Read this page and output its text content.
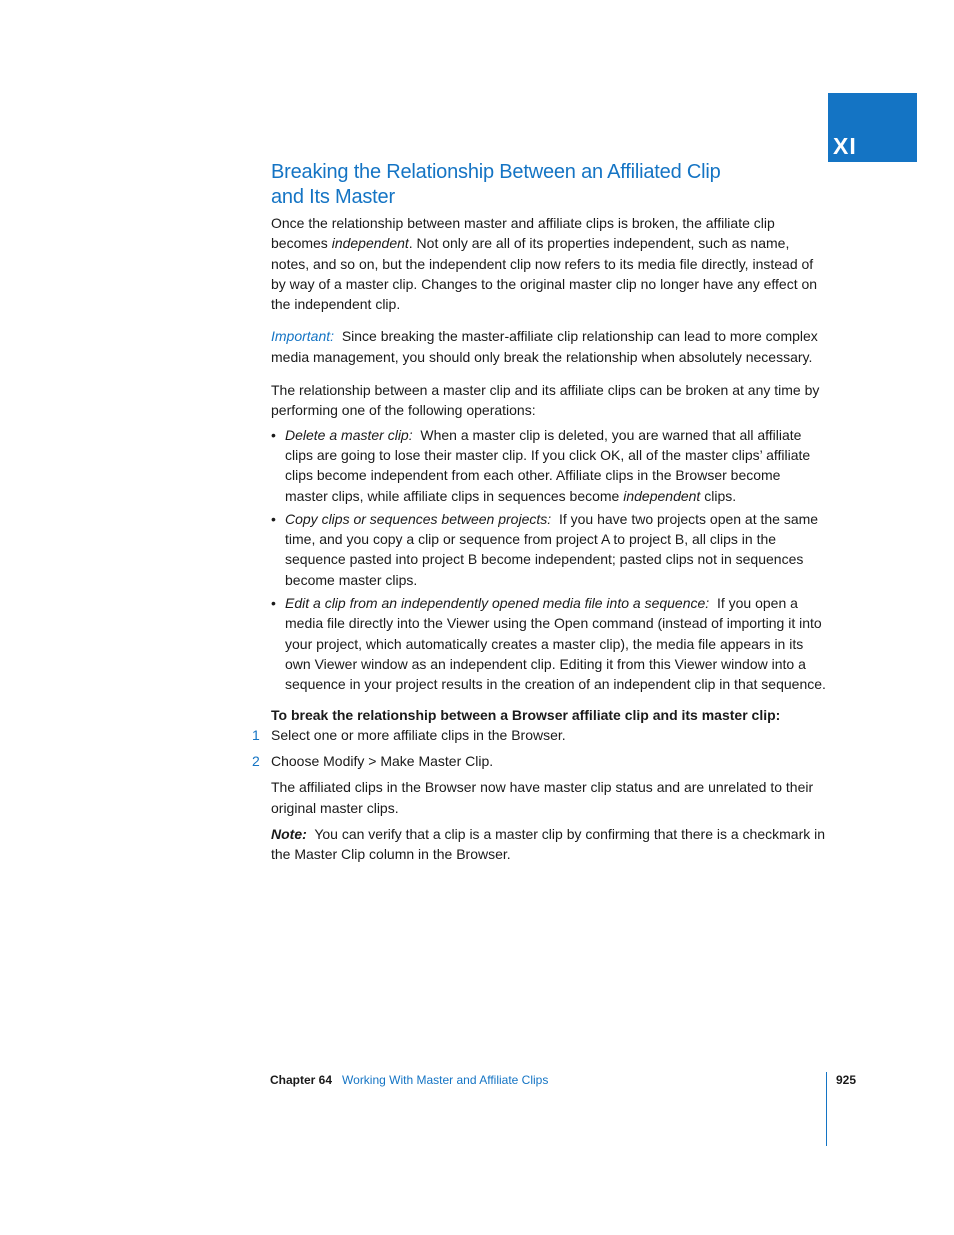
XI
Breaking the Relationship Between an Affiliated Clip
and Its Master

Once the relationship between master and affiliate clips is broken, the affiliate clip becomes independent. Not only are all of its properties independent, such as name, notes, and so on, but the independent clip now refers to its media file directly, instead of by way of a master clip. Changes to the original master clip no longer have any effect on the independent clip.

Important: Since breaking the master-affiliate clip relationship can lead to more complex media management, you should only break the relationship when absolutely necessary.

The relationship between a master clip and its affiliate clips can be broken at any time by performing one of the following operations:

• Delete a master clip: When a master clip is deleted, you are warned that all affiliate clips are going to lose their master clip. If you click OK, all of the master clips’ affiliate clips become independent from each other. Affiliate clips in the Browser become master clips, while affiliate clips in sequences become independent clips.
• Copy clips or sequences between projects: If you have two projects open at the same time, and you copy a clip or sequence from project A to project B, all clips in the sequence pasted into project B become independent; pasted clips not in sequences become master clips.
• Edit a clip from an independently opened media file into a sequence: If you open a media file directly into the Viewer using the Open command (instead of importing it into your project, which automatically creates a master clip), the media file appears in its own Viewer window as an independent clip. Editing it from this Viewer window into a sequence in your project results in the creation of an independent clip in that sequence.

To break the relationship between a Browser affiliate clip and its master clip:

1 Select one or more affiliate clips in the Browser.

2 Choose Modify > Make Master Clip.

The affiliated clips in the Browser now have master clip status and are unrelated to their original master clips.

Note: You can verify that a clip is a master clip by confirming that there is a checkmark in the Master Clip column in the Browser.

Chapter 64 Working With Master and Affiliate Clips	925
